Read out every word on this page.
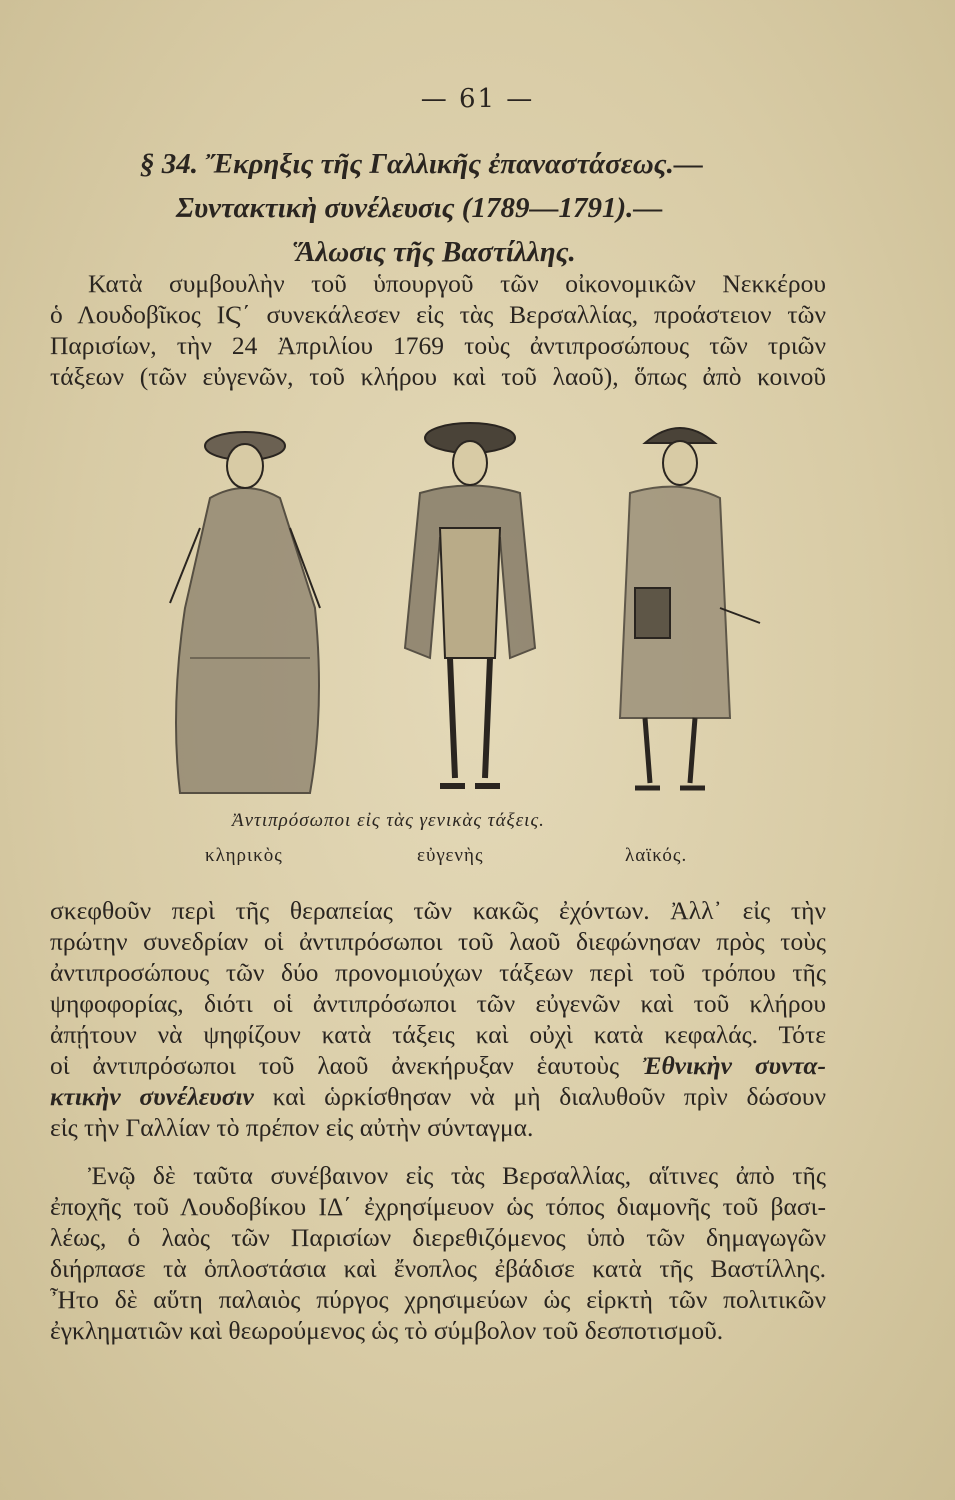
— 61 —
§ 34. Ἔκρηξις τῆς Γαλλικῆς ἐπαναστάσεως.—
Συντακτικὴ συνέλευσις (1789—1791).—
Ἅλωσις τῆς Βαστίλλης.
Κατὰ συμβουλὴν τοῦ ὑπουργοῦ τῶν οἰκονομικῶν Νεκκέρου
ὁ Λουδοβῖκος ΙϚ΄ συνεκάλεσεν εἰς τὰς Βερσαλλίας, προάστειον τῶν
Παρισίων, τὴν 24 Ἀπριλίου 1769 τοὺς ἀντιπροσώπους τῶν τριῶν
τάξεων (τῶν εὐγενῶν, τοῦ κλήρου καὶ τοῦ λαοῦ), ὅπως ἀπὸ κοινοῦ
Ἀντιπρόσωποι εἰς τὰς γενικὰς τάξεις.
κληρικὸς	εὐγενὴς	λαϊκός.
σκεφθοῦν περὶ τῆς θεραπείας τῶν κακῶς ἐχόντων. Ἀλλ᾽ εἰς τὴν
πρώτην συνεδρίαν οἱ ἀντιπρόσωποι τοῦ λαοῦ διεφώνησαν πρὸς τοὺς
ἀντιπροσώπους τῶν δύο προνομιούχων τάξεων περὶ τοῦ τρόπου τῆς
ψηφοφορίας, διότι οἱ ἀντιπρόσωποι τῶν εὐγενῶν καὶ τοῦ κλήρου
ἀπῄτουν νὰ ψηφίζουν κατὰ τάξεις καὶ οὐχὶ κατὰ κεφαλάς. Τότε
οἱ ἀντιπρόσωποι τοῦ λαοῦ ἀνεκήρυξαν ἑαυτοὺς Ἐθνικὴν συντα-
κτικὴν συνέλευσιν καὶ ὡρκίσθησαν νὰ μὴ διαλυθοῦν πρὶν δώσουν
εἰς τὴν Γαλλίαν τὸ πρέπον εἰς αὐτὴν σύνταγμα.
Ἐνῷ δὲ ταῦτα συνέβαινον εἰς τὰς Βερσαλλίας, αἵτινες ἀπὸ τῆς
ἐποχῆς τοῦ Λουδοβίκου ΙΔ΄ ἐχρησίμευον ὡς τόπος διαμονῆς τοῦ βασι-
λέως, ὁ λαὸς τῶν Παρισίων διερεθιζόμενος ὑπὸ τῶν δημαγωγῶν
διήρπασε τὰ ὁπλοστάσια καὶ ἔνοπλος ἐβάδισε κατὰ τῆς Βαστίλλης.
Ἦτο δὲ αὕτη παλαιὸς πύργος χρησιμεύων ὡς εἱρκτὴ τῶν πολιτικῶν
ἐγκληματιῶν καὶ θεωρούμενος ὡς τὸ σύμβολον τοῦ δεσποτισμοῦ.
